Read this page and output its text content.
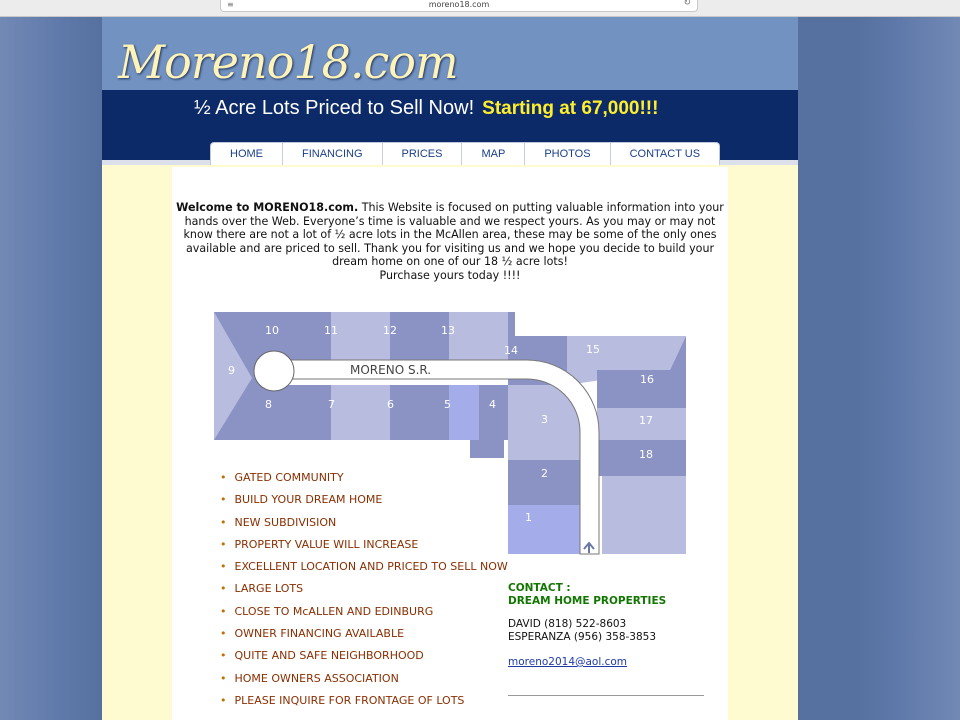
≡	moreno18.com	↻
Moreno18.com
½ Acre Lots Priced to Sell Now! Starting at 67,000!!!
HOME	FINANCING	PRICES	MAP	PHOTOS	CONTACT US
Welcome to MORENO18.com. This Website is focused on putting valuable information into your hands over the Web. Everyone’s time is valuable and we respect yours. As you may or may not know there are not a lot of ½ acre lots in the McAllen area, these may be some of the only ones available and are priced to sell. Thank you for visiting us and we hope you decide to build your dream home on one of our 18 ½ acre lots!
Purchase yours today !!!!
MORENO S.R.
1
2
3
4
5
6
7
8
9
10	11	12	13
14	15
16
17
18
• GATED COMMUNITY
• BUILD YOUR DREAM HOME
• NEW SUBDIVISION
• PROPERTY VALUE WILL INCREASE
• EXCELLENT LOCATION AND PRICED TO SELL NOW
• LARGE LOTS
• CLOSE TO McALLEN AND EDINBURG
• OWNER FINANCING AVAILABLE
• QUITE AND SAFE NEIGHBORHOOD
• HOME OWNERS ASSOCIATION
• PLEASE INQUIRE FOR FRONTAGE OF LOTS
CONTACT :
DREAM HOME PROPERTIES
DAVID (818) 522-8603
ESPERANZA (956) 358-3853
moreno2014@aol.com
